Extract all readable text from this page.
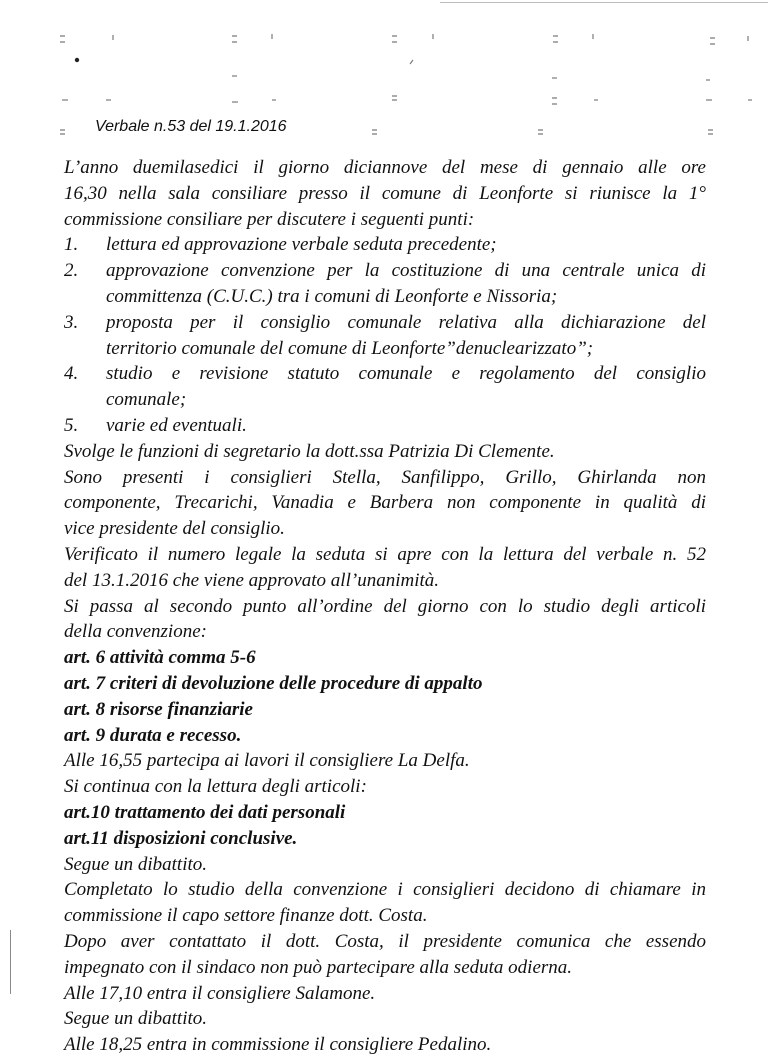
Verbale n.53 del 19.1.2016
L’anno duemilasedici il giorno diciannove del mese di gennaio alle ore
16,30 nella sala consiliare presso il comune di Leonforte si riunisce la 1°
commissione consiliare per discutere i seguenti punti:
1.	lettura ed approvazione verbale seduta precedente;
2.	approvazione convenzione per la costituzione di una centrale unica di
committenza (C.U.C.) tra i comuni di Leonforte e Nissoria;
3.	proposta per il consiglio comunale relativa alla dichiarazione del
territorio comunale del comune di Leonforte”denuclearizzato”;
4.	studio e revisione statuto comunale e regolamento del consiglio
comunale;
5.	varie ed eventuali.
Svolge le funzioni di segretario la dott.ssa Patrizia Di Clemente.
Sono presenti i consiglieri Stella, Sanfilippo, Grillo, Ghirlanda non
componente, Trecarichi, Vanadia e Barbera non componente in qualità di
vice presidente del consiglio.
Verificato il numero legale la seduta si apre con la lettura del verbale n. 52
del 13.1.2016 che viene approvato all’unanimità.
Si passa al secondo punto all’ordine del giorno con lo studio degli articoli
della convenzione:
art. 6 attività comma 5-6
art. 7 criteri di devoluzione delle procedure di appalto
art. 8 risorse finanziarie
art. 9 durata e recesso.
Alle 16,55 partecipa ai lavori il consigliere La Delfa.
Si continua con la lettura degli articoli:
art.10 trattamento dei dati personali
art.11 disposizioni conclusive.
Segue un dibattito.
Completato lo studio della convenzione i consiglieri decidono di chiamare in
commissione il capo settore finanze dott. Costa.
Dopo aver contattato il dott. Costa, il presidente comunica che essendo
impegnato con il sindaco non può partecipare alla seduta odierna.
Alle 17,10 entra il consigliere Salamone.
Segue un dibattito.
Alle 18,25 entra in commissione il consigliere Pedalino.
